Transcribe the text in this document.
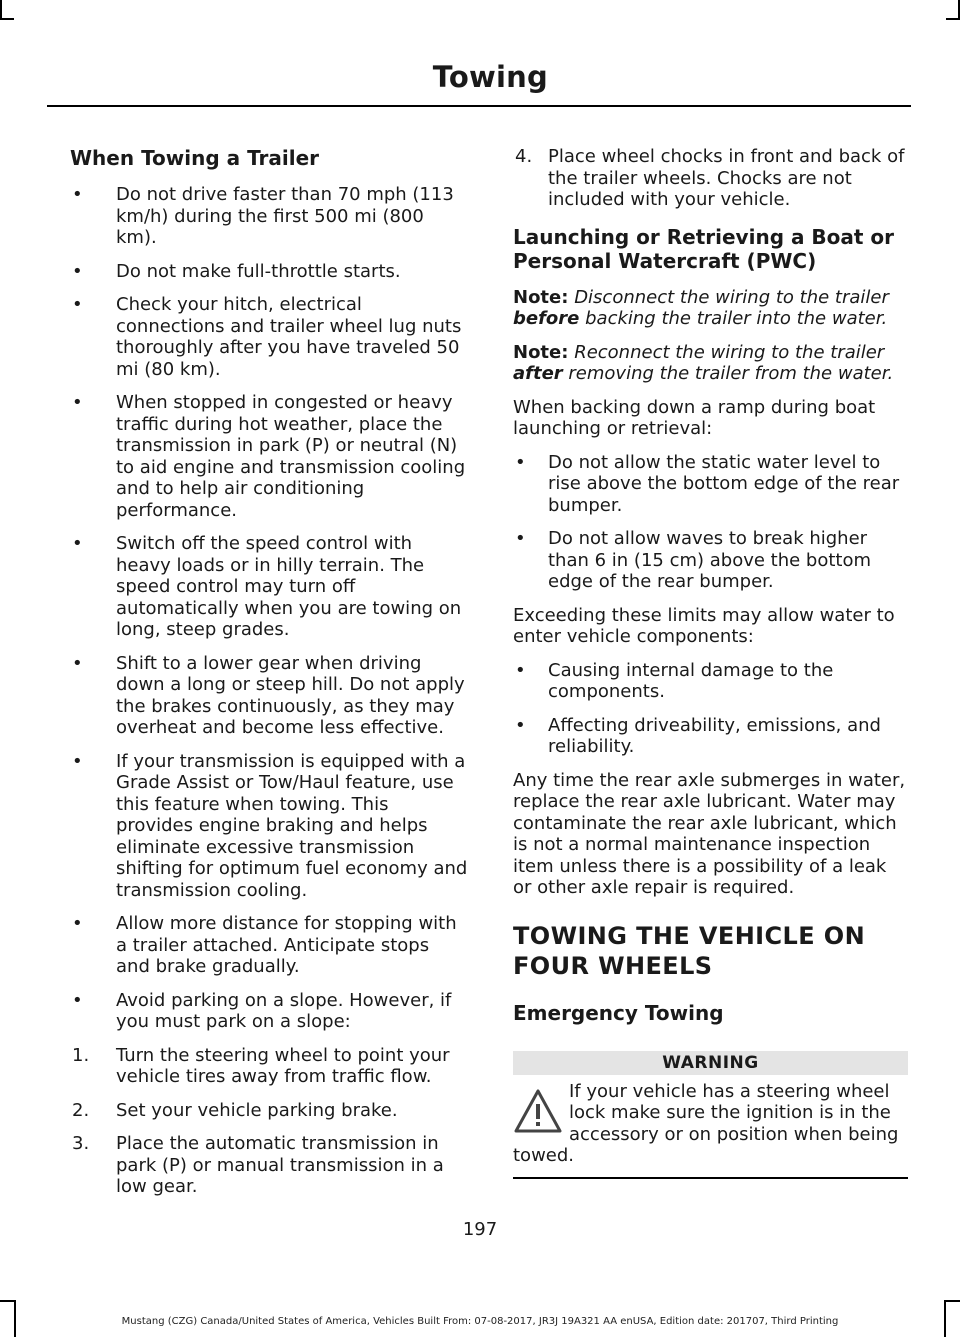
Towing
When Towing a Trailer
• Do not drive faster than 70 mph (113 km/h) during the first 500 mi (800 km).
• Do not make full-throttle starts.
• Check your hitch, electrical connections and trailer wheel lug nuts thoroughly after you have traveled 50 mi (80 km).
• When stopped in congested or heavy traffic during hot weather, place the transmission in park (P) or neutral (N) to aid engine and transmission cooling and to help air conditioning performance.
• Switch off the speed control with heavy loads or in hilly terrain. The speed control may turn off automatically when you are towing on long, steep grades.
• Shift to a lower gear when driving down a long or steep hill. Do not apply the brakes continuously, as they may overheat and become less effective.
• If your transmission is equipped with a Grade Assist or Tow/Haul feature, use this feature when towing. This provides engine braking and helps eliminate excessive transmission shifting for optimum fuel economy and transmission cooling.
• Allow more distance for stopping with a trailer attached. Anticipate stops and brake gradually.
• Avoid parking on a slope. However, if you must park on a slope:
1. Turn the steering wheel to point your vehicle tires away from traffic flow.
2. Set your vehicle parking brake.
3. Place the automatic transmission in park (P) or manual transmission in a low gear.
4. Place wheel chocks in front and back of the trailer wheels. Chocks are not included with your vehicle.
Launching or Retrieving a Boat or Personal Watercraft (PWC)

Note: Disconnect the wiring to the trailer before backing the trailer into the water.

Note: Reconnect the wiring to the trailer after removing the trailer from the water.

When backing down a ramp during boat launching or retrieval:

• Do not allow the static water level to rise above the bottom edge of the rear bumper.
• Do not allow waves to break higher than 6 in (15 cm) above the bottom edge of the rear bumper.

Exceeding these limits may allow water to enter vehicle components:

• Causing internal damage to the components.
• Affecting driveability, emissions, and reliability.

Any time the rear axle submerges in water, replace the rear axle lubricant. Water may contaminate the rear axle lubricant, which is not a normal maintenance inspection item unless there is a possibility of a leak or other axle repair is required.

TOWING THE VEHICLE ON
FOUR WHEELS
Emergency Towing
WARNING
If your vehicle has a steering wheel lock make sure the ignition is in the accessory or on position when being towed.
197
Mustang (CZG) Canada/United States of America, Vehicles Built From: 07-08-2017, JR3J 19A321 AA enUSA, Edition date: 201707, Third Printing
